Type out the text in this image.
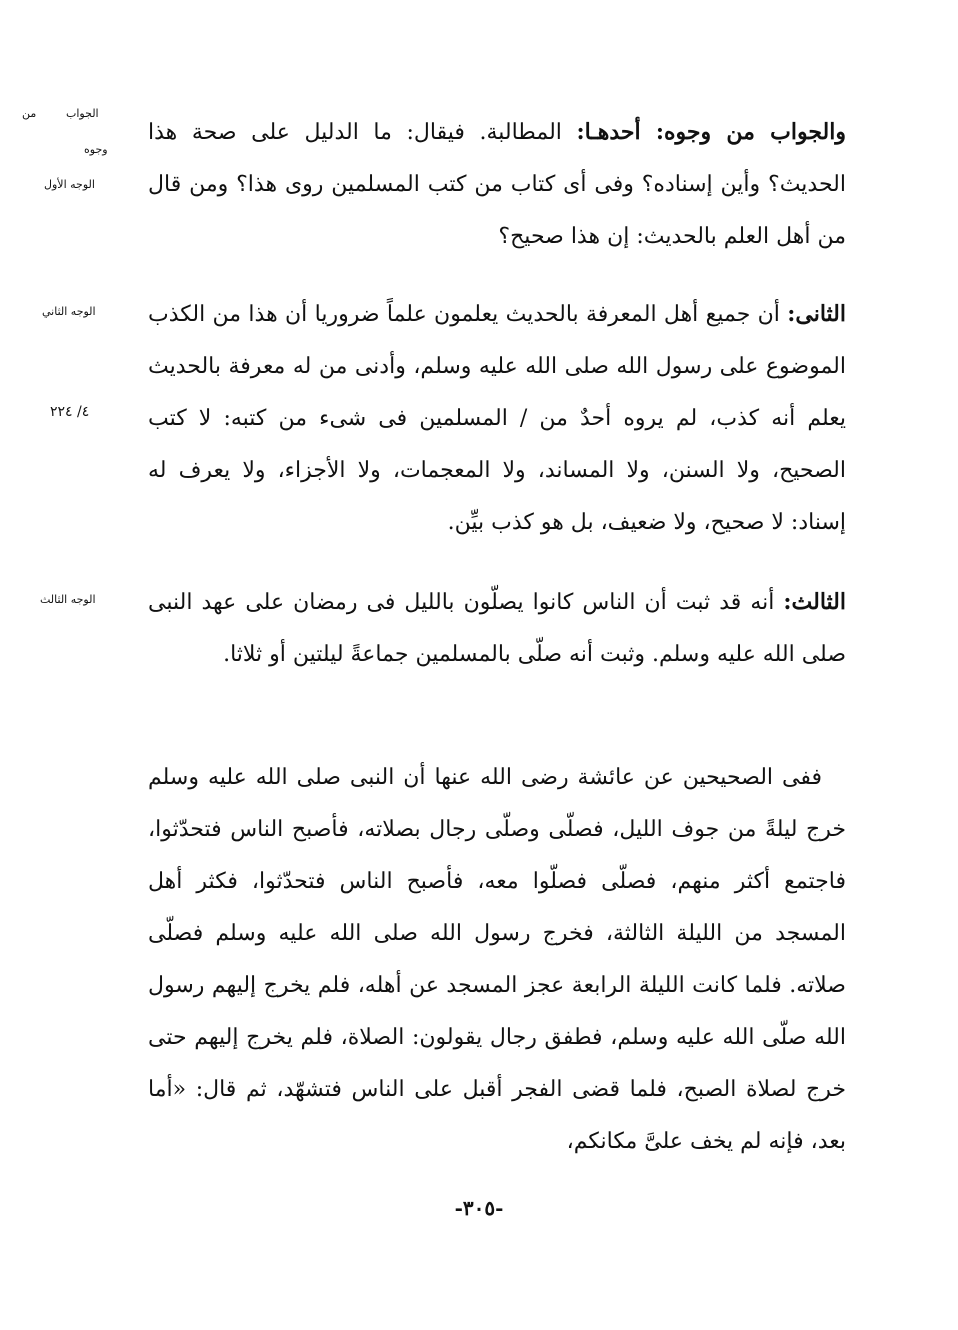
الجواب
من
وجوه
الوجه الأول
الوجه الثاني
٤/ ٢٢٤
الوجه الثالث

والجواب من وجوه: أحدهـا: المطالبة. فيقال: ما الدليل على صحة هذا الحديث؟ وأين إسناده؟ وفى أى كتاب من كتب المسلمين روى هذا؟ ومن قال من أهل العلم بالحديث: إن هذا صحيح؟

الثانى: أن جميع أهل المعرفة بالحديث يعلمون علماً ضروريا أن هذا من الكذب الموضوع على رسول الله صلى الله عليه وسلم، وأدنى من له معرفة بالحديث يعلم أنه كذب، لم يروه أحدٌ من / المسلمين فى شىء من كتبه: لا كتب الصحيح، ولا السنن، ولا المساند، ولا المعجمات، ولا الأجزاء، ولا يعرف له إسناد: لا صحيح، ولا ضعيف، بل هو كذب بيِّن.

الثالث: أنه قد ثبت أن الناس كانوا يصلّون بالليل فى رمضان على عهد النبى صلى الله عليه وسلم. وثبت أنه صلّى بالمسلمين جماعةً ليلتين أو ثلاثا.

ففى الصحيحين عن عائشة رضى الله عنها أن النبى صلى الله عليه وسلم خرج ليلةً من جوف الليل، فصلّى وصلّى رجال بصلاته، فأصبح الناس فتحدّثوا، فاجتمع أكثر منهم، فصلّى فصلّوا معه، فأصبح الناس فتحدّثوا، فكثر أهل المسجد من الليلة الثالثة، فخرج رسول الله صلى الله عليه وسلم فصلّى صلاته. فلما كانت الليلة الرابعة عجز المسجد عن أهله، فلم يخرج إليهم رسول الله صلّى الله عليه وسلم، فطفق رجال يقولون: الصلاة، فلم يخرج إليهم حتى خرج لصلاة الصبح، فلما قضى الفجر أقبل على الناس فتشهّد، ثم قال: «أما بعد، فإنه لم يخف علىَّ مكانكم،

-٣٠٥-
